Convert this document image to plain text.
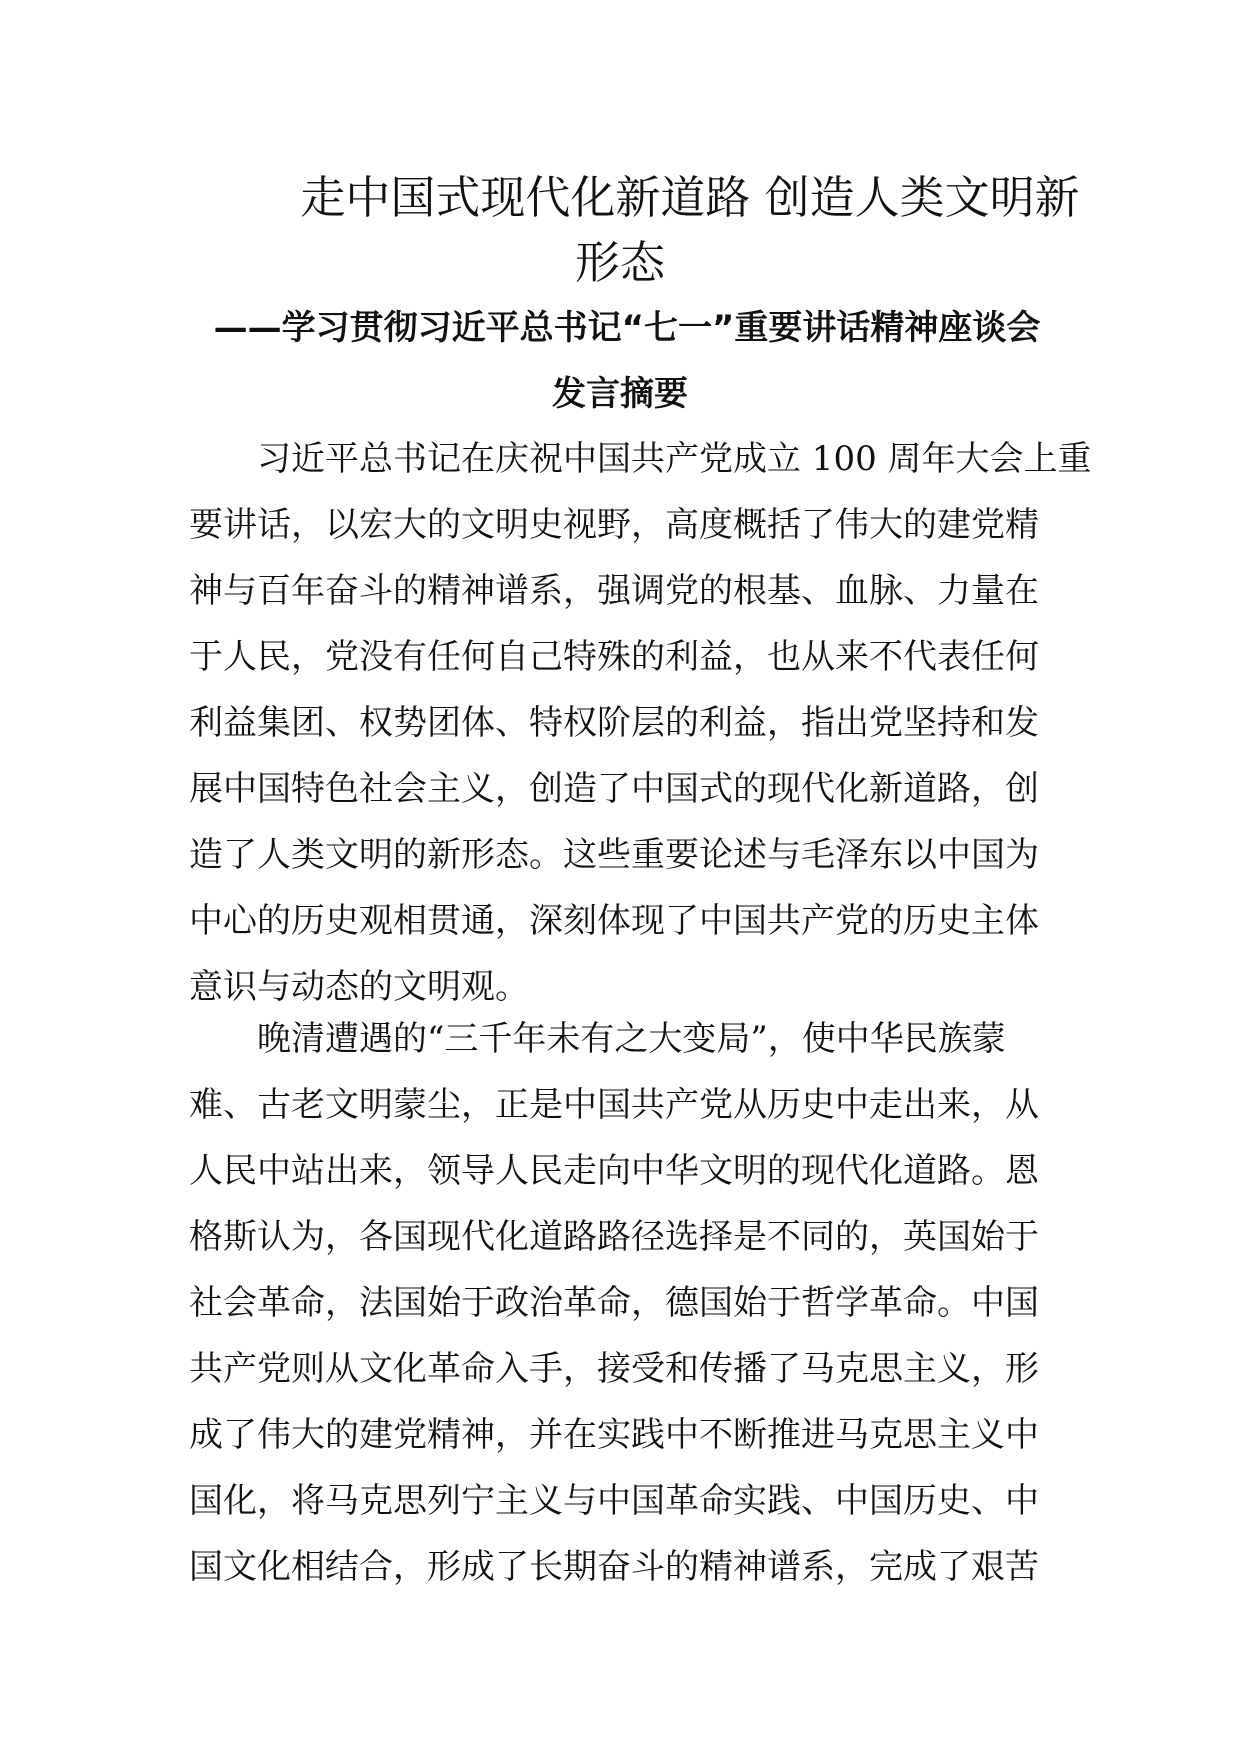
走中国式现代化新道路 创造人类文明新
形态
——学习贯彻习近平总书记“七一”重要讲话精神座谈会
发言摘要
习近平总书记在庆祝中国共产党成立 100 周年大会上重
要讲话，以宏大的文明史视野，高度概括了伟大的建党精
神与百年奋斗的精神谱系，强调党的根基、血脉、力量在
于人民，党没有任何自己特殊的利益，也从来不代表任何
利益集团、权势团体、特权阶层的利益，指出党坚持和发
展中国特色社会主义，创造了中国式的现代化新道路，创
造了人类文明的新形态。这些重要论述与毛泽东以中国为
中心的历史观相贯通，深刻体现了中国共产党的历史主体
意识与动态的文明观。
晚清遭遇的“三千年未有之大变局”，使中华民族蒙
难、古老文明蒙尘，正是中国共产党从历史中走出来，从
人民中站出来，领导人民走向中华文明的现代化道路。恩
格斯认为，各国现代化道路路径选择是不同的，英国始于
社会革命，法国始于政治革命，德国始于哲学革命。中国
共产党则从文化革命入手，接受和传播了马克思主义，形
成了伟大的建党精神，并在实践中不断推进马克思主义中
国化，将马克思列宁主义与中国革命实践、中国历史、中
国文化相结合，形成了长期奋斗的精神谱系，完成了艰苦
